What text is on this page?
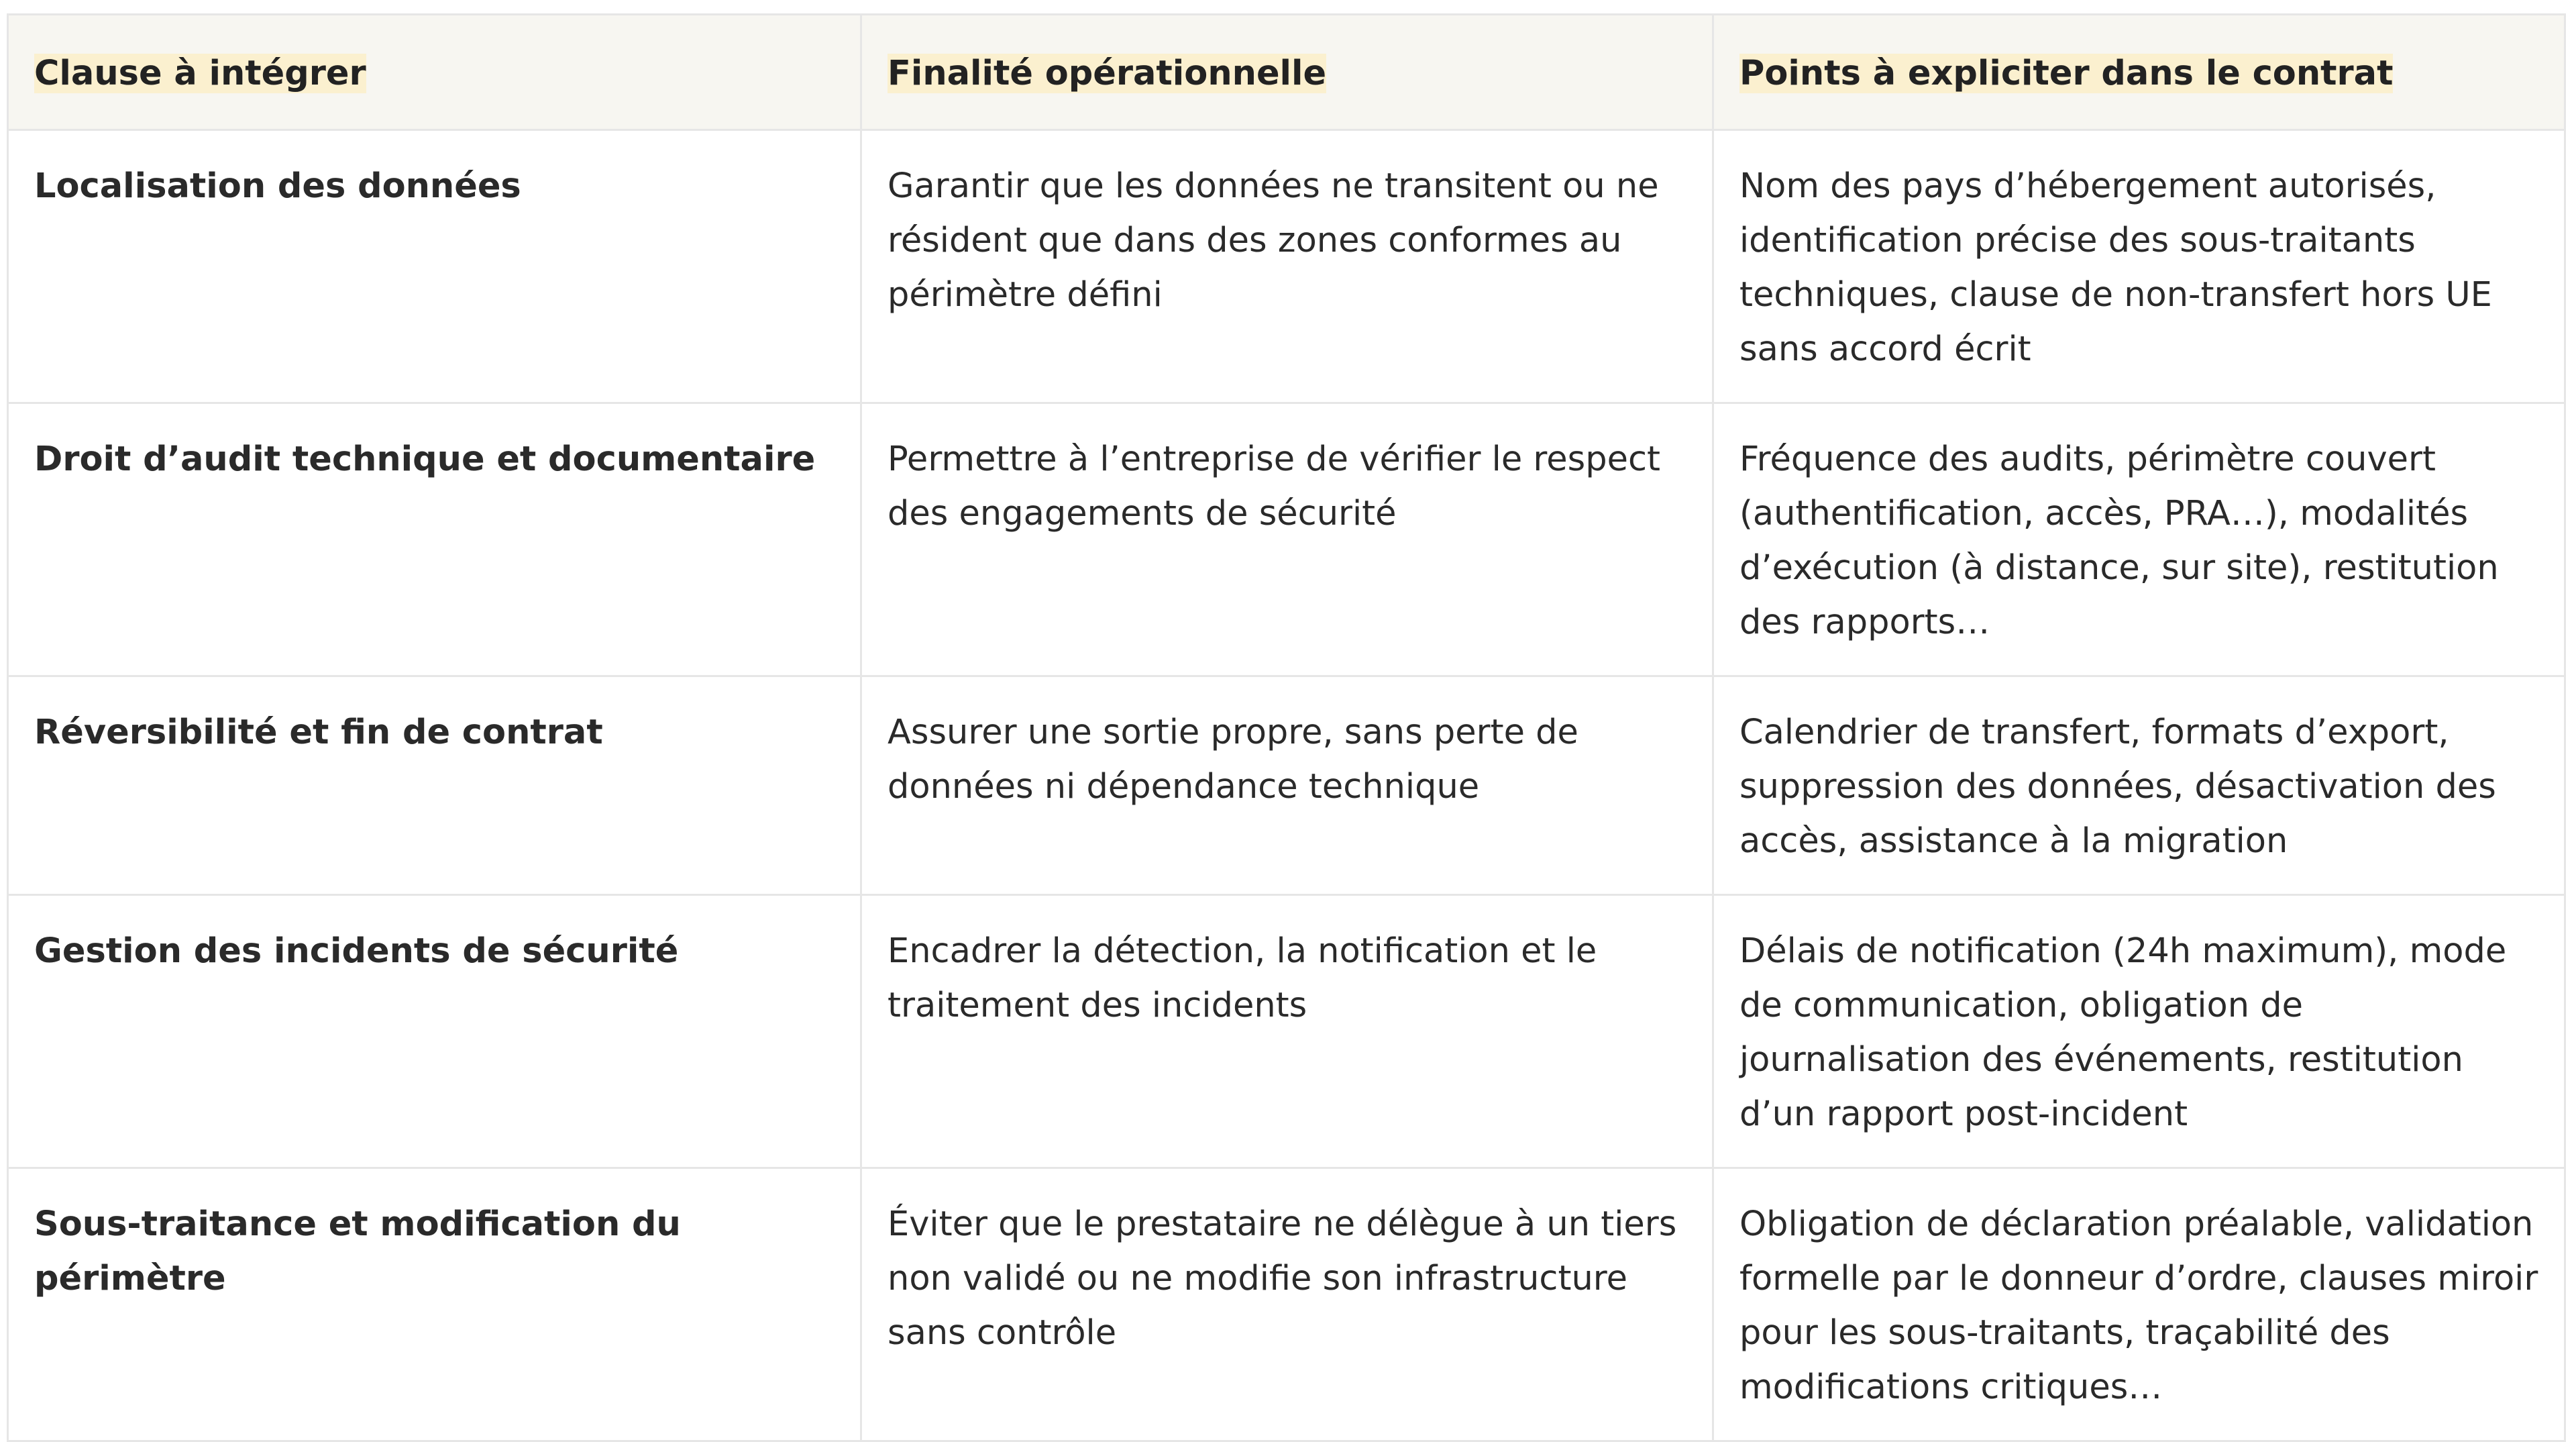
Clause à intégrer	Finalité opérationnelle	Points à expliciter dans le contrat
Localisation des données	Garantir que les données ne transitent ou ne résident que dans des zones conformes au périmètre défini	Nom des pays d’hébergement autorisés, identification précise des sous-traitants techniques, clause de non-transfert hors UE sans accord écrit
Droit d’audit technique et documentaire	Permettre à l’entreprise de vérifier le respect des engagements de sécurité	Fréquence des audits, périmètre couvert (authentification, accès, PRA…), modalités d’exécution (à distance, sur site), restitution des rapports…
Réversibilité et fin de contrat	Assurer une sortie propre, sans perte de données ni dépendance technique	Calendrier de transfert, formats d’export, suppression des données, désactivation des accès, assistance à la migration
Gestion des incidents de sécurité	Encadrer la détection, la notification et le traitement des incidents	Délais de notification (24h maximum), mode de communication, obligation de journalisation des événements, restitution d’un rapport post-incident
Sous-traitance et modification du périmètre	Éviter que le prestataire ne délègue à un tiers non validé ou ne modifie son infrastructure sans contrôle	Obligation de déclaration préalable, validation formelle par le donneur d’ordre, clauses miroir pour les sous-traitants, traçabilité des modifications critiques…
